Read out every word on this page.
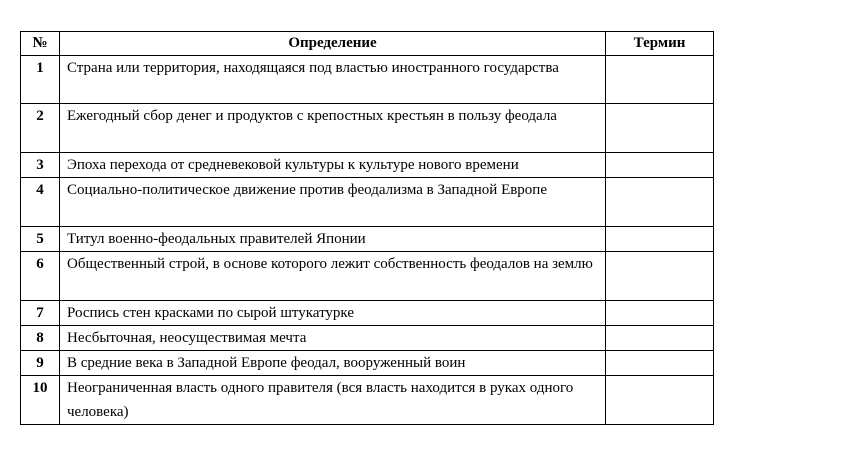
№	Определение	Термин
1	Страна или территория, находящаяся под властью иностранного государства	
2	Ежегодный сбор денег и продуктов с крепостных крестьян в пользу феодала	
3	Эпоха перехода от средневековой культуры к культуре нового времени	
4	Социально-политическое движение против феодализма в Западной Европе	
5	Титул военно-феодальных правителей Японии	
6	Общественный строй, в основе которого лежит собственность феодалов на землю	
7	Роспись стен красками по сырой штукатурке	
8	Несбыточная, неосуществимая мечта	
9	В средние века в Западной Европе феодал, вооруженный воин	
10	Неограниченная власть одного правителя (вся власть находится в руках одного человека)	
